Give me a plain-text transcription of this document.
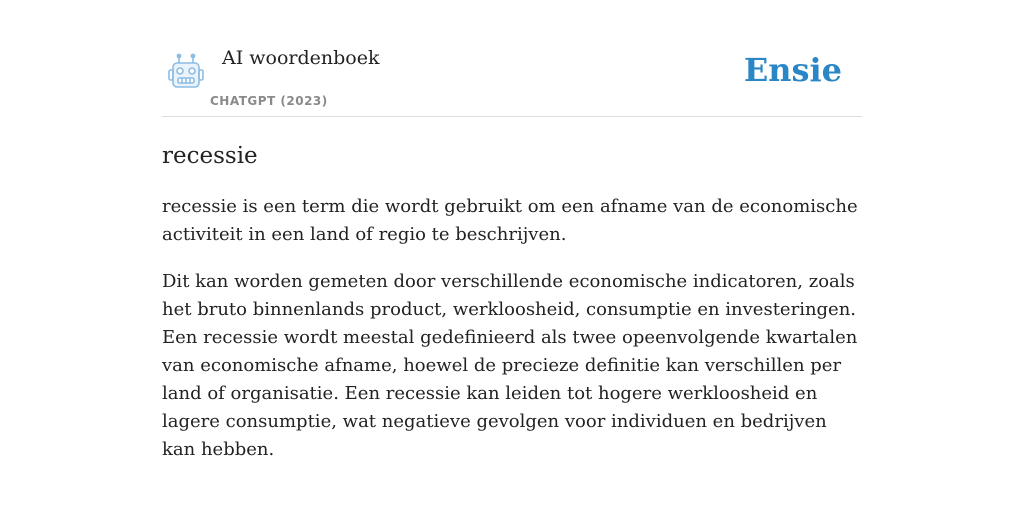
AI woordenboek
CHATGPT (2023)
Ensie
recessie

recessie is een term die wordt gebruikt om een afname van de economische activiteit in een land of regio te beschrijven.

Dit kan worden gemeten door verschillende economische indicatoren, zoals het bruto binnenlands product, werkloosheid, consumptie en investeringen. Een recessie wordt meestal gedefinieerd als twee opeenvolgende kwartalen van economische afname, hoewel de precieze definitie kan verschillen per land of organisatie. Een recessie kan leiden tot hogere werkloosheid en lagere consumptie, wat negatieve gevolgen voor individuen en bedrijven kan hebben.
